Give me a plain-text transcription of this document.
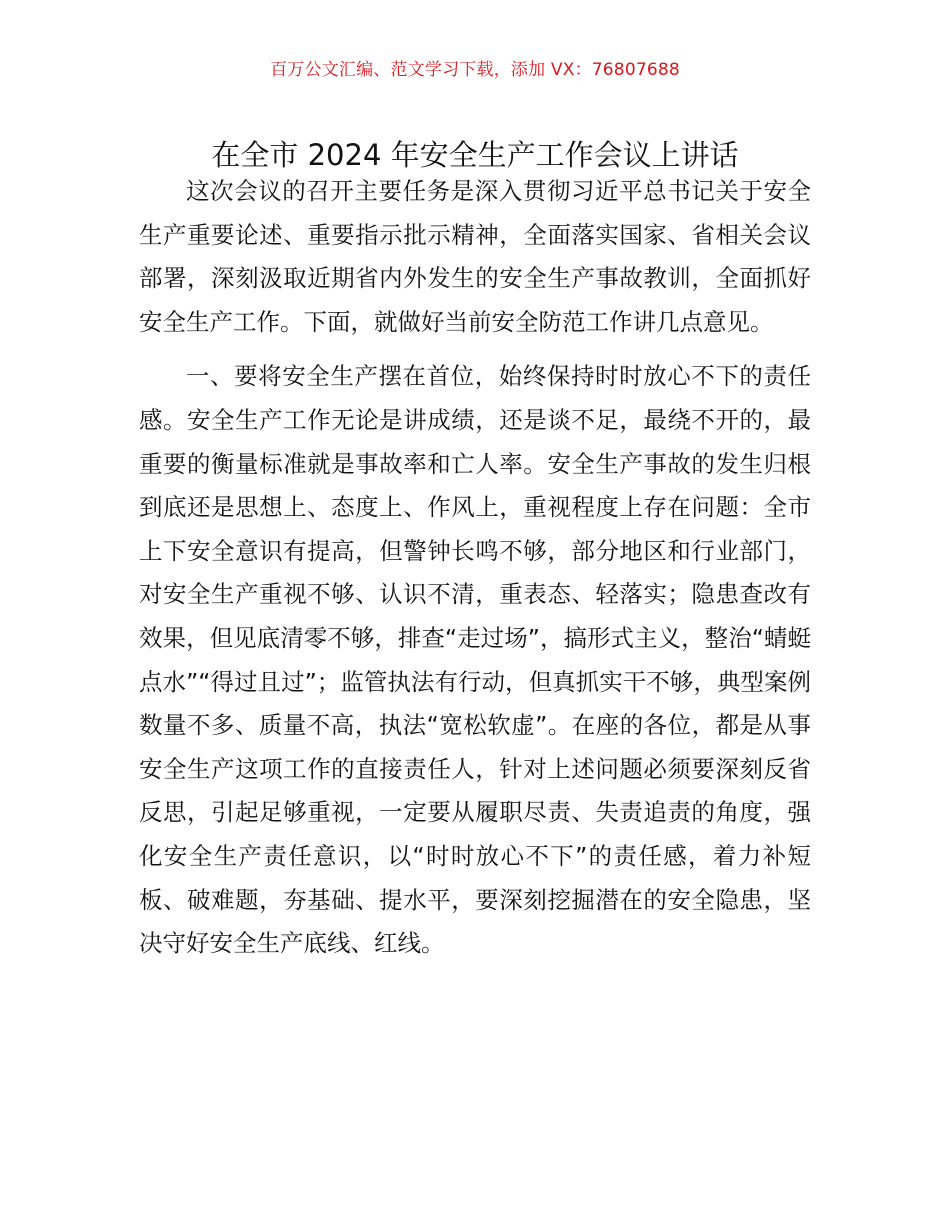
百万公文汇编、范文学习下载，添加 VX：76807688
在全市 2024 年安全生产工作会议上讲话

这次会议的召开主要任务是深入贯彻习近平总书记关于安全生产重要论述、重要指示批示精神，全面落实国家、省相关会议部署，深刻汲取近期省内外发生的安全生产事故教训，全面抓好安全生产工作。下面，就做好当前安全防范工作讲几点意见。

一、要将安全生产摆在首位，始终保持时时放心不下的责任感。安全生产工作无论是讲成绩，还是谈不足，最绕不开的，最重要的衡量标准就是事故率和亡人率。安全生产事故的发生归根到底还是思想上、态度上、作风上，重视程度上存在问题：全市上下安全意识有提高，但警钟长鸣不够，部分地区和行业部门，对安全生产重视不够、认识不清，重表态、轻落实；隐患查改有效果，但见底清零不够，排查“走过场”，搞形式主义，整治“蜻蜓点水”“得过且过”；监管执法有行动，但真抓实干不够，典型案例数量不多、质量不高，执法“宽松软虚”。在座的各位，都是从事安全生产这项工作的直接责任人，针对上述问题必须要深刻反省反思，引起足够重视，一定要从履职尽责、失责追责的角度，强化安全生产责任意识，以“时时放心不下”的责任感，着力补短板、破难题，夯基础、提水平，要深刻挖掘潜在的安全隐患，坚决守好安全生产底线、红线。
